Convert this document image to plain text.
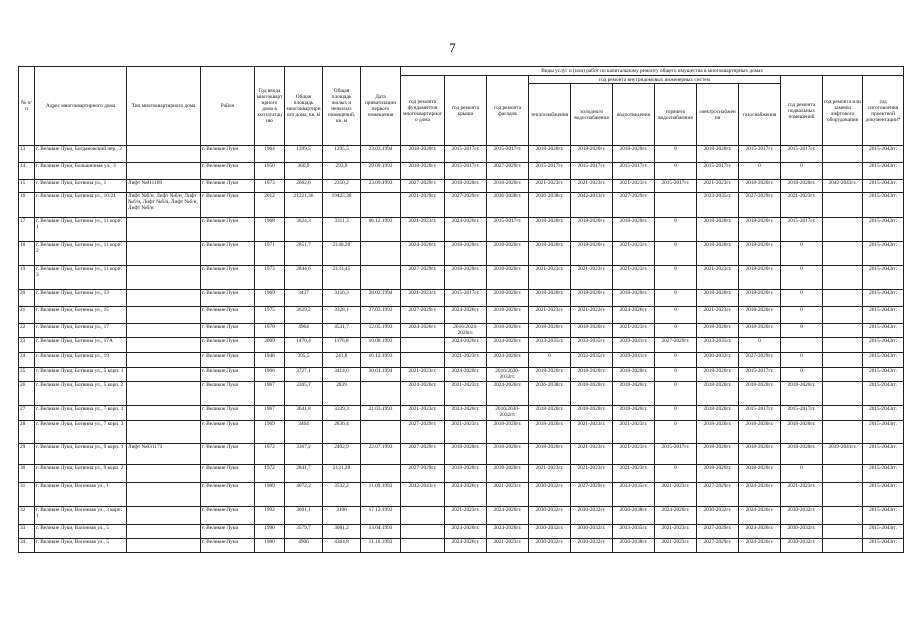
7
№ п/п	Адрес многоквартирного дома	Тип многоквартирного дома	Район	Год ввода многоквартирного дома в эксплуатацию	Общая площадь многоквартирного дома, кв. м	Общая площадь жилых и нежилых помещений, кв. м	Дата приватизации первого помещения	Виды услуг и (или) работ по капитальному ремонту общего имущества в многоквартирных домах											
								год ремонта фундаментов многоквартирного дома	год ремонта крыши	год ремонта фасадов	год ремонта внутридомовых инженерных систем						год ремонта подвальных помещений	год ремонта или замены лифтового оборудования	год изготовления проектной документации*
											теплоснабжения	холодного водоснабжения	водоотведения	горячего водоснабжения	электроснабжения	газоснабжения			
13	г. Великие Луки, Богдановский пер., 3		г. Великие Луки	1964	1399,5	1295,5	23.03.1994	2018-2020гг.	2015-2017гг.	2015-2017гг.	2018-2020гг.	2018-2020гг.	2018-2020гг.	0	2018-2020гг.	2015-2017гг.	2015-2017гг.		2015-2043гг.
14	г. Великие Луки, Большичная ул., 3		г. Великие Луки	1950	360,9	293,9	29.09.1993	2018-2020гг.	2015-2017гг.	2027-2029гг.	2015-2017гг.	2015-2017гг.	2015-2017гг.	0	2015-2017гг.	0	0		2015-2043гг.
15	г. Великие Луки, Ботвина ул., 1	Лифт №011169	г. Великие Луки	1973	2662,6	2350,2	23.09.1993	2027-2029гг.	2018-2020гг.	2018-2020гг.	2021-2023гг.	2021-2023гг.	2021-2023гг.	2015-2017гг.	2021-2023гг.	2018-2020гг.	2018-2020гг.	2042-2043гг.	2015-2043гг.
16	г. Великие Луки, Ботвина ул., 10/21	Лифт №б/н, Лифт №б/н, Лифт №б/н, Лифт №б/н, Лифт №б/н, Лифт №б/н	г. Великие Луки	2012	21221,36	19425,36		2021-2029гг.	2027-2029гг.	2036-2038гг.	2036-2038гг.	2042-2043гг.	2027-2029гг.		2033-2035гг.	2027-2029гг.	2021-2023гг.		2015-2043гг.
17	г. Великие Луки, Ботвина ул., 11 корп. 1		г. Великие Луки	1968	3624,3	3311,3	06.12.1993	2021-2023гг.	2024-2026гг.	2015-2017гг.	2018-2020гг.	2018-2020гг.	2018-2020гг.	0	2018-2020гг.	2018-2020гг.	2015-2017гг.		2015-2043гг.
18	г. Великие Луки, Ботвина ул., 11 корп. 2		г. Великие Луки	1971	2851,7	2140,28		2024-2026гг.	2018-2020гг.	2018-2020гг.	2018-2020гг.	2018-2020гг.	2021-2023гг.	0	2018-2020гг.	2018-2020гг.	0		2015-2043гг.
19	г. Великие Луки, Ботвина ул., 11 корп. 3		г. Великие Луки	1973	2844,6	2133,45		2027-2029гг.	2018-2020гг.	2018-2020гг.	2021-2023гг.	2021-2023гг.	2021-2023гг.	0	2021-2023гг.	2018-2020гг.	0		2015-2043гг.
20	г. Великие Луки, Ботвина ул., 13		г. Великие Луки	1969	3437	3156,3	28.02.1994	2021-2023гг.	2015-2017гг.	2018-2020гг.	2018-2020гг.	2018-2020гг.	2018-2020гг.	0	2018-2020гг.	2018-2020гг.	0		2015-2043гг.
21	г. Великие Луки, Ботвина ул., 15		г. Великие Луки	1975	3629,2	3328,1	27.03.1993	2027-2029гг.	2024-2026гг.	2018-2020гг.	2021-2023гг.	2021-2023гг.	2024-2026гг.	0	2021-2023гг.	2018-2020гг.	0		2015-2043гг.
22	г. Великие Луки, Ботвина ул., 17		г. Великие Луки	1970	4964	4531,7	12.05.1993	2024-2026гг.	2016/2024-2026гг.	2018-2020гг.	2018-2020гг.	2018-2020гг.	2021-2023гг.	0	2018-2020гг.	2018-2020гг.	0		2015-2043гг.
23	г. Великие Луки, Ботвина ул., 17А		г. Великие Луки	2009	1470,4	1176,8	10.08.1993		2024-2026гг.	2024-2026гг.	2033-2035гг.	2033-2035гг.	2039-2041гг.	2027-2029гг.	2033-2035гг.	0			2015-2043гг.
24	г. Великие Луки, Ботвина ул., 19		г. Великие Луки	1948	395,5	241,8	16.12.1993		2021-2023гг.	2024-2026гг.	0	2033-2035гг.	2039-2041гг.	0	2030-2032гг.	2027-2029гг.	0		2015-2043гг.
25	г. Великие Луки, Ботвина ул., 5 корп. 1		г. Великие Луки	1966	3727,1	3414,6	30.01.1994	2021-2023гг.	2024-2026гг.	2016/2030-2032гг.	2018-2020гг.	2018-2020гг.	2018-2020гг.	0	2018-2020гг.	2015-2017гг.	0		2015-2043гг.
26	г. Великие Луки, Ботвина ул., 5 корп. 2		г. Великие Луки	1967	3205,7	2839		2024-2026гг.	2021-2023гг.	2024-2026гг.	2036-2038гг.	2018-2020гг.	2018-2020гг.	0	2018-2020гг.	2018-2020гг.	2018-2020гг.		2015-2043гг.
27	г. Великие Луки, Ботвина ул., 7 корп. 1		г. Великие Луки	1967	3641,8	3339,3	21.03.1993	2021-2023гг.	2024-2026гг.	2016/2030-2032гг.	2018-2020гг.	2018-2020гг.	2018-2020гг.	0	2018-2020гг.	2015-2017гг.	2015-2017гг.		2015-2043гг.
28	г. Великие Луки, Ботвина ул., 7 корп. 3		г. Великие Луки	1969	3464	2836,4		2027-2029гг.	2021-2023гг.	2018-2020гг.	2018-2020гг.	2021-2023гг.	2021-2023гг.	0	2018-2020гг.	2018-2020гг.	2018-2020гг.		2015-2043гг.
29	г. Великие Луки, Ботвина ул., 9 корп. 1	Лифт №031173	г. Великие Луки	1972	3367,2	2402,9	22.07.1993	2027-2029гг.	2018-2020гг.	2018-2020гг.	2018-2020гг.	2021-2023гг.	2021-2023гг.	2015-2017гг.	2018-2020гг.	2018-2020гг.	2018-2020гг.	2039-2041гг.	2015-2043гг.
30	г. Великие Луки, Ботвина ул., 9 корп. 2		г. Великие Луки	1972	2841,7	2131,28		2027-2029гг.	2018-2020гг.	2018-2020гг.	2021-2023гг.	2021-2023гг.	2021-2023гг.	0	2018-2020гг.	2018-2020гг.	0		2015-2043гг.
31	г. Великие Луки, Вагонная ул., 1		г. Великие Луки	1989	4072,2	3532,2	11.09.1993	2042-2043гг.	2024-2026гг.	2021-2023гг.	2030-2032гг.	2027-2029гг.	2033-2035гг.	2021-2023гг.	2027-2029гг.	2024-2026гг.	2021-2023гг.		2015-2043гг.
32	г. Великие Луки, Вагонная ул., 3 корп. 1		г. Великие Луки	1992	3601,1	3106	17.12.1993		2021-2023гг.	2024-2026гг.	2030-2032гг.	2030-2032гг.	2036-2038гг.	2024-2026гг.	2030-2032гг.	2024-2026гг.	2030-2032гг.		2015-2043гг.
33	г. Великие Луки, Вагонная ул., 5		г. Великие Луки	1990	3579,7	3081,2	13.04.1993		2024-2026гг.	2024-2026гг.	2030-2032гг.	2030-2032гг.	2033-2035гг.	2021-2023гг.	2027-2029гг.	2024-2026гг.	2030-2032гг.		2015-2043гг.
34	г. Великие Луки, Вагонная ул., 5		г. Великие Луки	1980	4906	4364,8	11.10.1993		2024-2026гг.	2021-2023гг.	2030-2032гг.	2030-2032гг.	2036-2038гг.	2021-2023гг.	2027-2029гг.	2024-2026гг.	2030-2032гг.		2015-2043гг.
